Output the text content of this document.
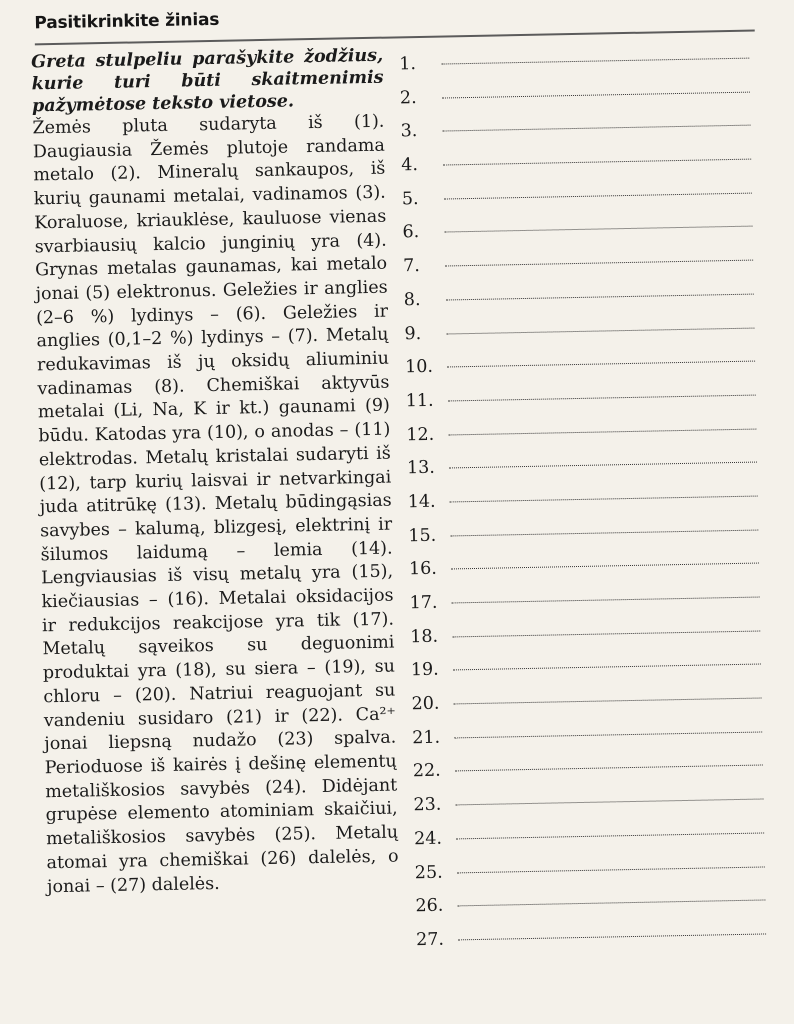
Pasitikrinkite žinias

Greta stulpeliu parašykite žodžius, kurie turi būti skaitmenimis pažymėtose teksto vietose.

Žemės pluta sudaryta iš (1). Daugiausia Žemės plutoje randama metalo (2). Mineralų sankaupos, iš kurių gaunami metalai, vadinamos (3). Koraluose, kriauklėse, kauluose vienas svarbiausių kalcio junginių yra (4). Grynas metalas gaunamas, kai metalo jonai (5) elektronus. Geležies ir anglies (2–6 %) lydinys – (6). Geležies ir anglies (0,1–2 %) lydinys – (7). Metalų redukavimas iš jų oksidų aliuminiu vadinamas (8). Chemiškai aktyvūs metalai (Li, Na, K ir kt.) gaunami (9) būdu. Katodas yra (10), o anodas – (11) elektrodas. Metalų kristalai sudaryti iš (12), tarp kurių laisvai ir netvarkingai juda atitrūkę (13). Metalų būdingąsias savybes – kalumą, blizgesį, elektrinį ir šilumos laidumą – lemia (14). Lengviausias iš visų metalų yra (15), kiečiausias – (16). Metalai oksidacijos ir redukcijos reakcijose yra tik (17). Metalų sąveikos su deguonimi produktai yra (18), su siera – (19), su chloru – (20). Natriui reaguojant su vandeniu susidaro (21) ir (22). Ca²⁺ jonai liepsną nudažo (23) spalva. Perioduose iš kairės į dešinę elementų metališkosios savybės (24). Didėjant grupėse elemento atominiam skaičiui, metališkosios savybės (25). Metalų atomai yra chemiškai (26) dalelės, o jonai – (27) dalelės.

1.
2.
3.
4.
5.
6.
7.
8.
9.
10.
11.
12.
13.
14.
15.
16.
17.
18.
19.
20.
21.
22.
23.
24.
25.
26.
27.
